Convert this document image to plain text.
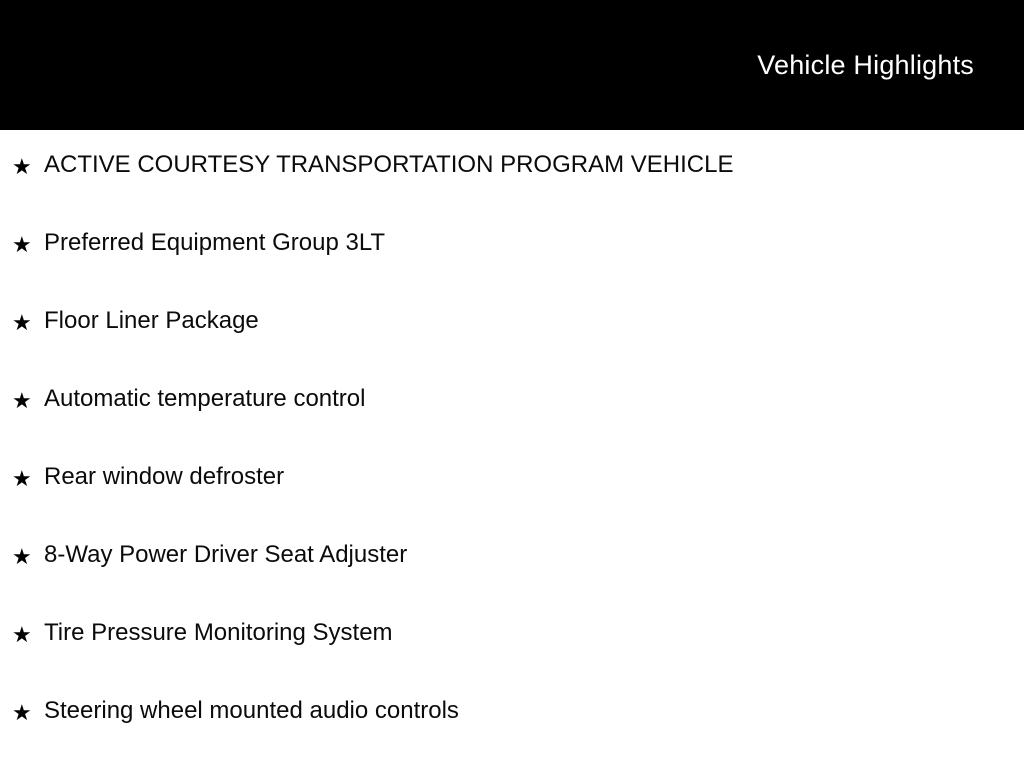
Vehicle Highlights
★ ACTIVE COURTESY TRANSPORTATION PROGRAM VEHICLE
★ Preferred Equipment Group 3LT
★ Floor Liner Package
★ Automatic temperature control
★ Rear window defroster
★ 8-Way Power Driver Seat Adjuster
★ Tire Pressure Monitoring System
★ Steering wheel mounted audio controls
